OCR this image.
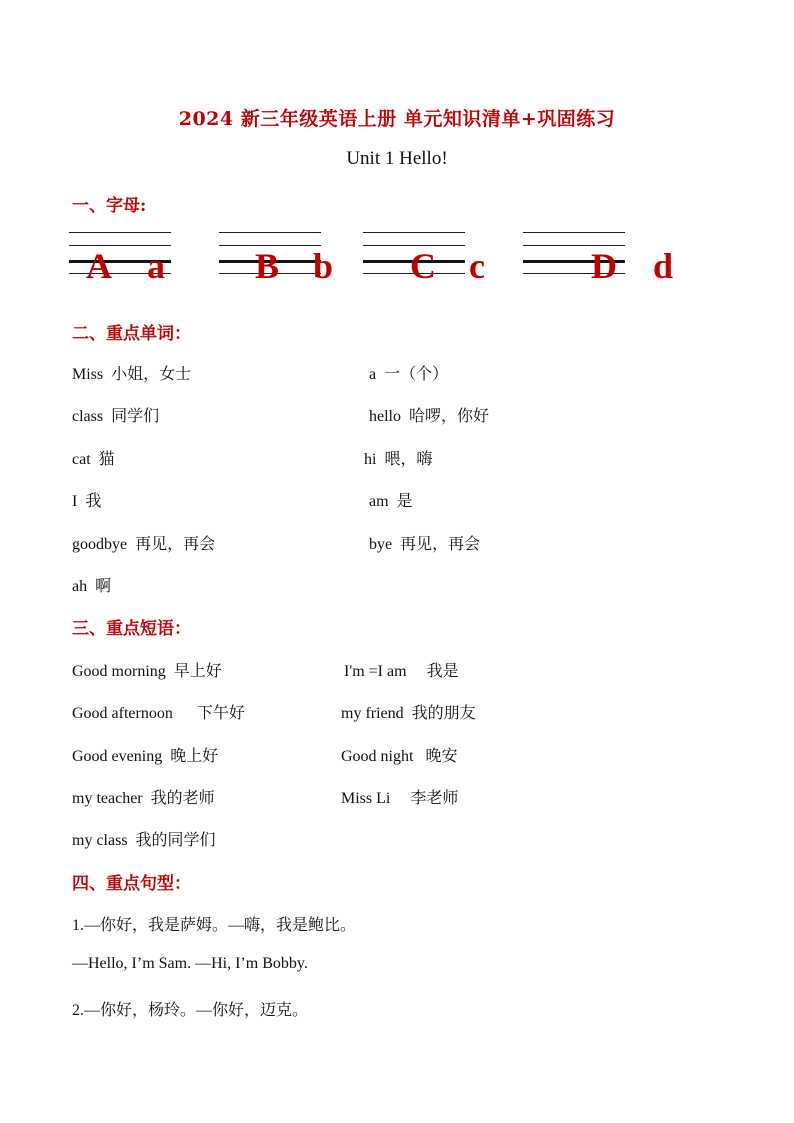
2024 新三年级英语上册 单元知识清单+巩固练习
Unit 1 Hello!
一、字母:
A a	B b C c	D d
二、重点单词：
Miss 小姐，女士	a 一（个）
class 同学们	hello 哈啰，你好
cat 猫	hi 喂，嗨
I 我	am 是
goodbye 再见，再会	bye 再见，再会
ah 啊
三、重点短语：
Good morning 早上好	I'm =I am 我是
Good afternoon 下午好	my friend 我的朋友
Good evening 晚上好	Good night 晚安
my teacher 我的老师	Miss Li 李老师
my class 我的同学们
四、重点句型：
1.—你好，我是萨姆。—嗨，我是鲍比。
—Hello, I’m Sam. —Hi, I’m Bobby.
2.—你好，杨玲。—你好，迈克。
